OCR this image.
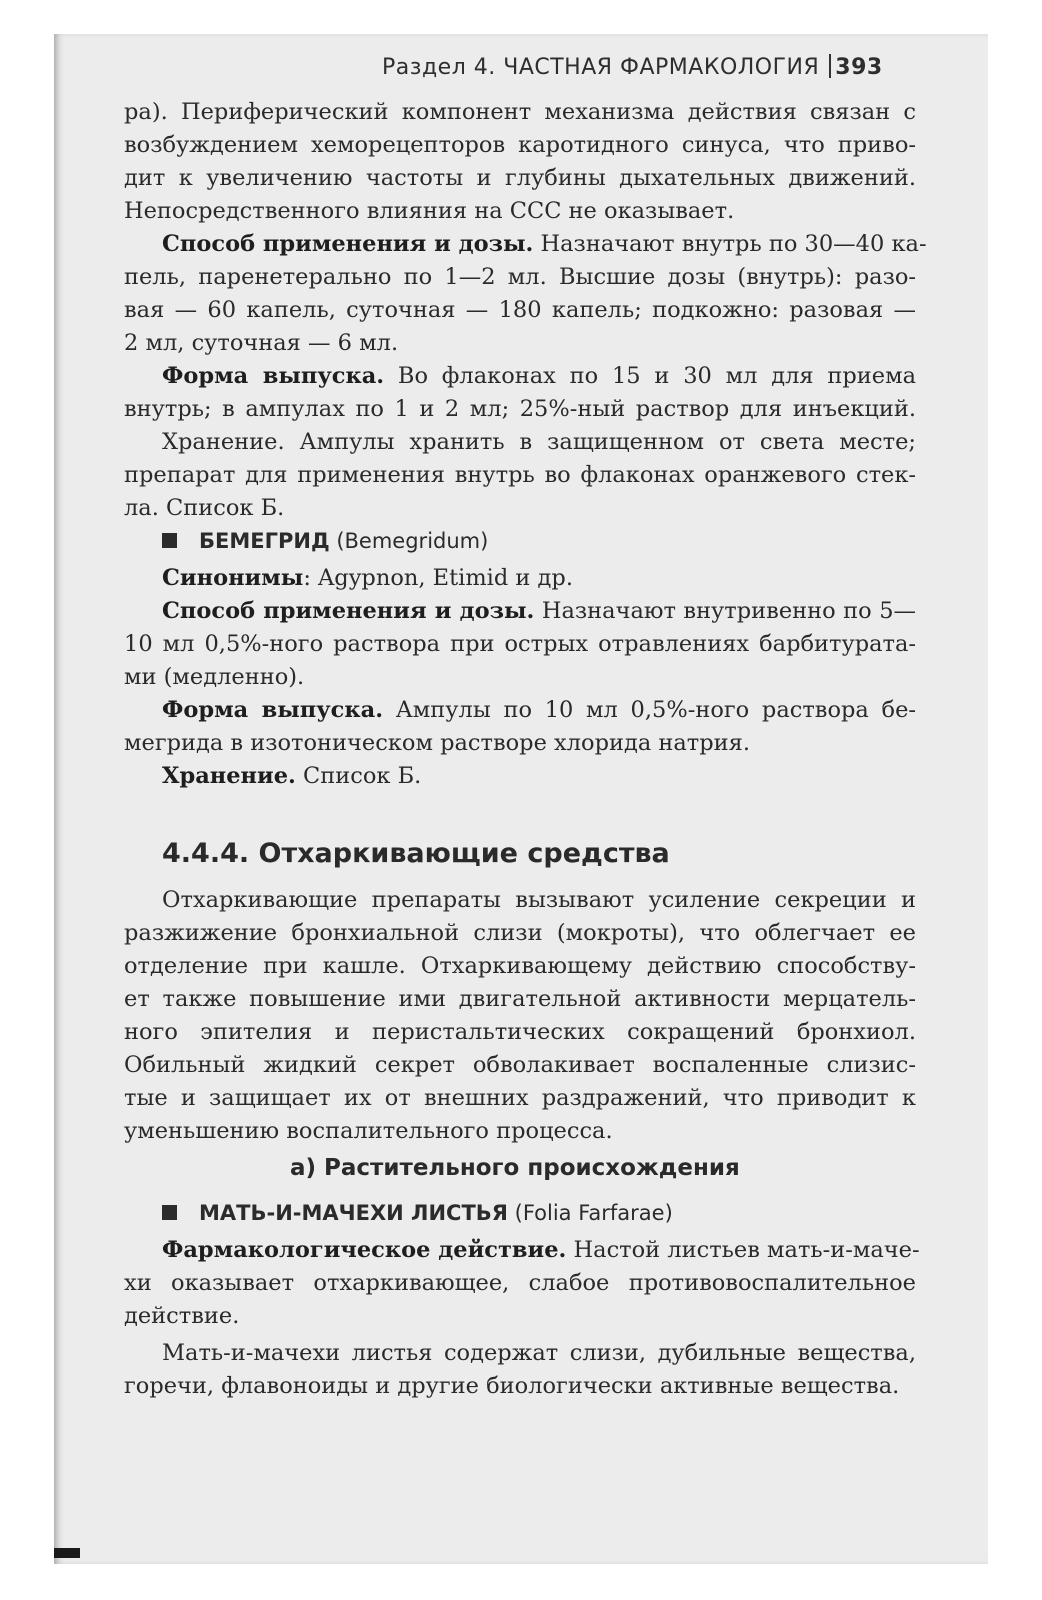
Раздел 4. ЧАСТНАЯ ФАРМАКОЛОГИЯ 393
ра). Периферический компонент механизма действия связан с
возбуждением хеморецепторов каротидного синуса, что приво-
дит к увеличению частоты и глубины дыхательных движений.
Непосредственного влияния на ССС не оказывает.
Способ применения и дозы. Назначают внутрь по 30—40 ка-
пель, паренетерально по 1—2 мл. Высшие дозы (внутрь): разо-
вая — 60 капель, суточная — 180 капель; подкожно: разовая —
2 мл, суточная — 6 мл.
Форма выпуска. Во флаконах по 15 и 30 мл для приема
внутрь; в ампулах по 1 и 2 мл; 25%-ный раствор для инъекций.
Хранение. Ампулы хранить в защищенном от света месте;
препарат для применения внутрь во флаконах оранжевого стек-
ла. Список Б.
БЕМЕГРИД (Bemegridum)
Синонимы: Agypnon, Etimid и др.
Способ применения и дозы. Назначают внутривенно по 5—
10 мл 0,5%-ного раствора при острых отравлениях барбитурата-
ми (медленно).
Форма выпуска. Ампулы по 10 мл 0,5%-ного раствора бе-
мегрида в изотоническом растворе хлорида натрия.
Хранение. Список Б.
4.4.4. Отхаркивающие средства
Отхаркивающие препараты вызывают усиление секреции и
разжижение бронхиальной слизи (мокроты), что облегчает ее
отделение при кашле. Отхаркивающему действию способству-
ет также повышение ими двигательной активности мерцатель-
ного эпителия и перистальтических сокращений бронхиол.
Обильный жидкий секрет обволакивает воспаленные слизис-
тые и защищает их от внешних раздражений, что приводит к
уменьшению воспалительного процесса.
а) Растительного происхождения
МАТЬ-И-МАЧЕХИ ЛИСТЬЯ (Folia Farfarae)
Фармакологическое действие. Настой листьев мать-и-маче-
хи оказывает отхаркивающее, слабое противовоспалительное
действие.
Мать-и-мачехи листья содержат слизи, дубильные вещества,
горечи, флавоноиды и другие биологически активные вещества.
